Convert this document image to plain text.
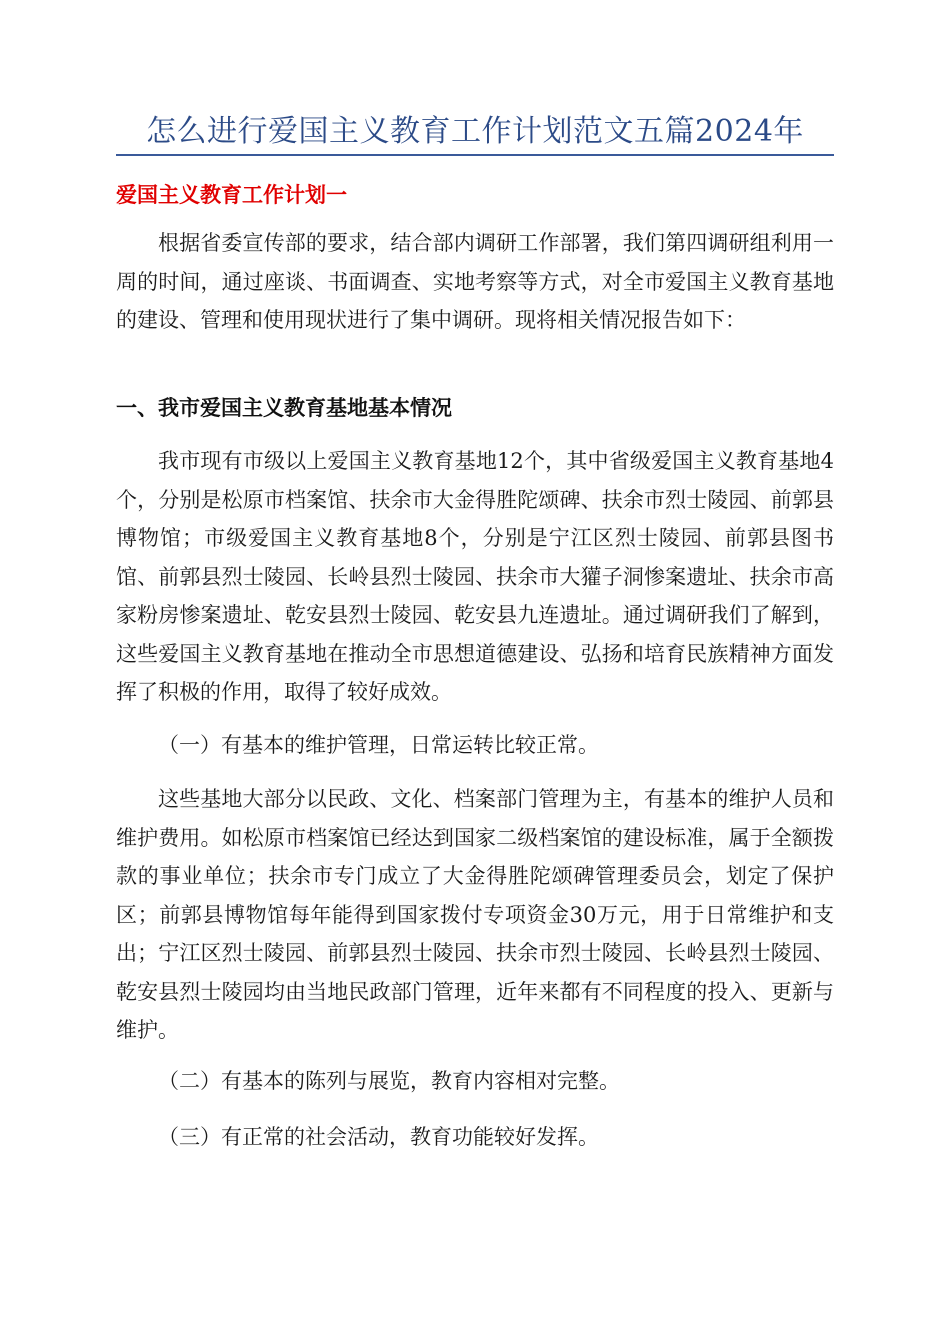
怎么进行爱国主义教育工作计划范文五篇2024年
爱国主义教育工作计划一

根据省委宣传部的要求，结合部内调研工作部署，我们第四调研组利用一周的时间，通过座谈、书面调查、实地考察等方式，对全市爱国主义教育基地的建设、管理和使用现状进行了集中调研。现将相关情况报告如下：

一、我市爱国主义教育基地基本情况

我市现有市级以上爱国主义教育基地12个，其中省级爱国主义教育基地4个，分别是松原市档案馆、扶余市大金得胜陀颂碑、扶余市烈士陵园、前郭县博物馆；市级爱国主义教育基地8个，分别是宁江区烈士陵园、前郭县图书馆、前郭县烈士陵园、长岭县烈士陵园、扶余市大獾子洞惨案遗址、扶余市高家粉房惨案遗址、乾安县烈士陵园、乾安县九连遗址。通过调研我们了解到，这些爱国主义教育基地在推动全市思想道德建设、弘扬和培育民族精神方面发挥了积极的作用，取得了较好成效。

（一）有基本的维护管理，日常运转比较正常。

这些基地大部分以民政、文化、档案部门管理为主，有基本的维护人员和维护费用。如松原市档案馆已经达到国家二级档案馆的建设标准，属于全额拨款的事业单位；扶余市专门成立了大金得胜陀颂碑管理委员会，划定了保护区；前郭县博物馆每年能得到国家拨付专项资金30万元，用于日常维护和支出；宁江区烈士陵园、前郭县烈士陵园、扶余市烈士陵园、长岭县烈士陵园、乾安县烈士陵园均由当地民政部门管理，近年来都有不同程度的投入、更新与维护。

（二）有基本的陈列与展览，教育内容相对完整。

（三）有正常的社会活动，教育功能较好发挥。
